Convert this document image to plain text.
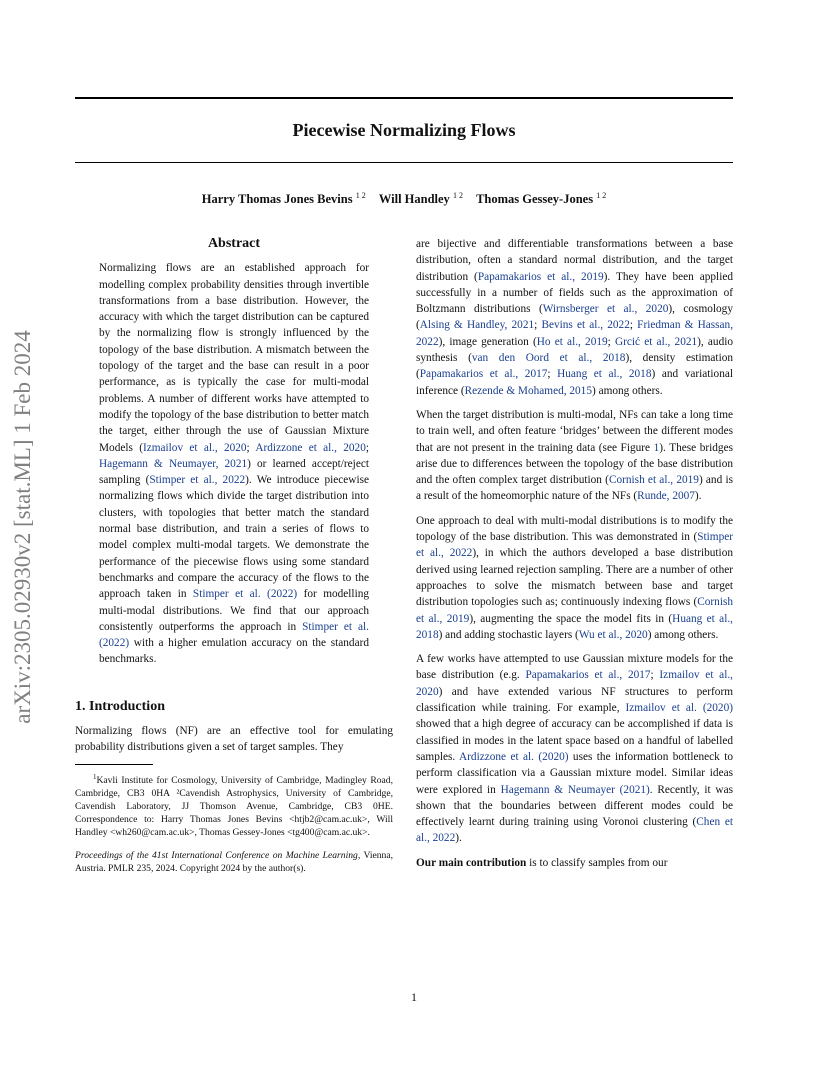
Piecewise Normalizing Flows
Harry Thomas Jones Bevins $^{1 2}$ Will Handley $^{1 2}$ Thomas Gessey-Jones $^{1 2}$
arXiv:2305.02930v2 [stat.ML] 1 Feb 2024
Abstract

Normalizing flows are an established approach for modelling complex probability densities through invertible transformations from a base distribution. However, the accuracy with which the target distribution can be captured by the normalizing flow is strongly influenced by the topology of the base distribution. A mismatch between the topology of the target and the base can result in a poor performance, as is typically the case for multi-modal problems. A number of different works have attempted to modify the topology of the base distribution to better match the target, either through the use of Gaussian Mixture Models (Izmailov et al., 2020; Ardizzone et al., 2020; Hagemann & Neumayer, 2021) or learned accept/reject sampling (Stimper et al., 2022). We introduce piecewise normalizing flows which divide the target distribution into clusters, with topologies that better match the standard normal base distribution, and train a series of flows to model complex multi-modal targets. We demonstrate the performance of the piecewise flows using some standard benchmarks and compare the accuracy of the flows to the approach taken in Stimper et al. (2022) for modelling multi-modal distributions. We find that our approach consistently outperforms the approach in Stimper et al. (2022) with a higher emulation accuracy on the standard benchmarks.

1. Introduction

Normalizing flows (NF) are an effective tool for emulating probability distributions given a set of target samples. They

$^1$Kavli Institute for Cosmology, University of Cambridge, Madingley Road, Cambridge, CB3 0HA ²Cavendish Astrophysics, University of Cambridge, Cavendish Laboratory, JJ Thomson Avenue, Cambridge, CB3 0HE. Correspondence to: Harry Thomas Jones Bevins <htjb2@cam.ac.uk>, Will Handley <wh260@cam.ac.uk>, Thomas Gessey-Jones <tg400@cam.ac.uk>.
Proceedings of the 41st International Conference on Machine Learning, Vienna, Austria. PMLR 235, 2024. Copyright 2024 by the author(s).

are bijective and differentiable transformations between a base distribution, often a standard normal distribution, and the target distribution (Papamakarios et al., 2019). They have been applied successfully in a number of fields such as the approximation of Boltzmann distributions (Wirnsberger et al., 2020), cosmology (Alsing & Handley, 2021; Bevins et al., 2022; Friedman & Hassan, 2022), image generation (Ho et al., 2019; Grcić et al., 2021), audio synthesis (van den Oord et al., 2018), density estimation (Papamakarios et al., 2017; Huang et al., 2018) and variational inference (Rezende & Mohamed, 2015) among others.

When the target distribution is multi-modal, NFs can take a long time to train well, and often feature ‘bridges’ between the different modes that are not present in the training data (see Figure 1). These bridges arise due to differences between the topology of the base distribution and the often complex target distribution (Cornish et al., 2019) and is a result of the homeomorphic nature of the NFs (Runde, 2007).

One approach to deal with multi-modal distributions is to modify the topology of the base distribution. This was demonstrated in (Stimper et al., 2022), in which the authors developed a base distribution derived using learned rejection sampling. There are a number of other approaches to solve the mismatch between base and target distribution topologies such as; continuously indexing flows (Cornish et al., 2019), augmenting the space the model fits in (Huang et al., 2018) and adding stochastic layers (Wu et al., 2020) among others.

A few works have attempted to use Gaussian mixture models for the base distribution (e.g. Papamakarios et al., 2017; Izmailov et al., 2020) and have extended various NF structures to perform classification while training. For example, Izmailov et al. (2020) showed that a high degree of accuracy can be accomplished if data is classified in modes in the latent space based on a handful of labelled samples. Ardizzone et al. (2020) uses the information bottleneck to perform classification via a Gaussian mixture model. Similar ideas were explored in Hagemann & Neumayer (2021). Recently, it was shown that the boundaries between different modes could be effectively learnt during training using Voronoi clustering (Chen et al., 2022).

Our main contribution is to classify samples from our

1
